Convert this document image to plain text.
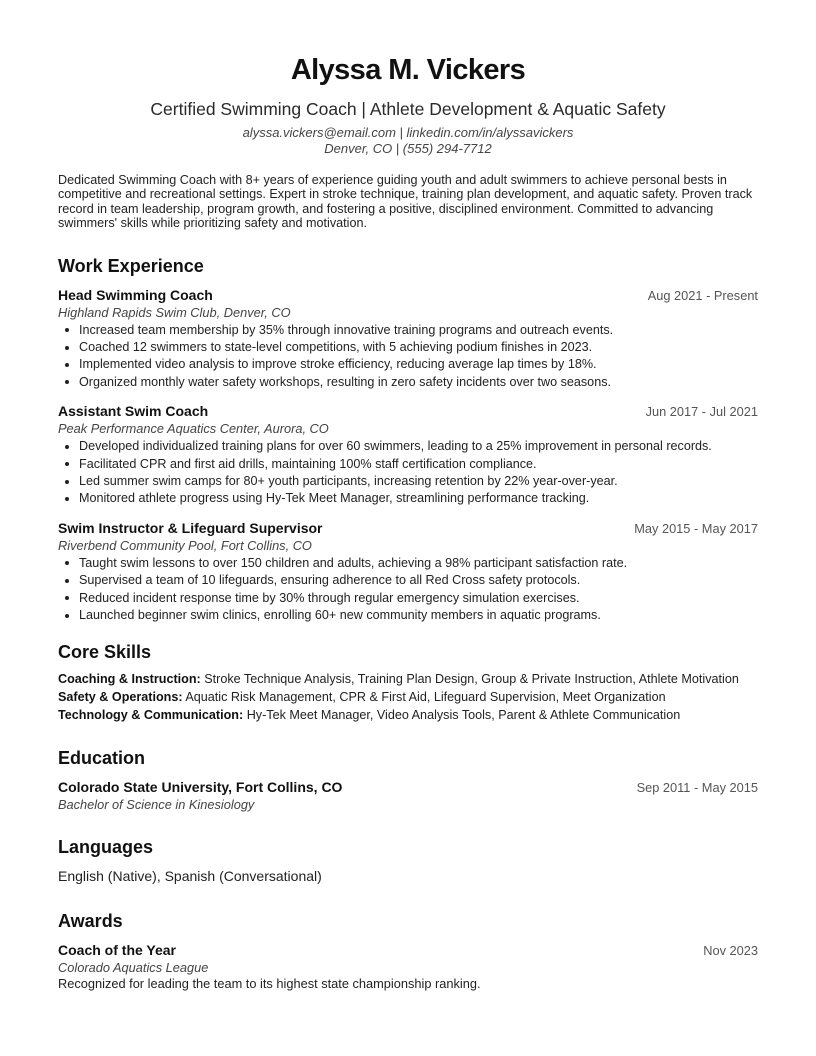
Alyssa M. Vickers
Certified Swimming Coach | Athlete Development & Aquatic Safety
alyssa.vickers@email.com | linkedin.com/in/alyssavickers
Denver, CO | (555) 294-7712

Dedicated Swimming Coach with 8+ years of experience guiding youth and adult swimmers to achieve personal bests in competitive and recreational settings. Expert in stroke technique, training plan development, and aquatic safety. Proven track record in team leadership, program growth, and fostering a positive, disciplined environment. Committed to advancing swimmers' skills while prioritizing safety and motivation.

Work Experience
Head Swimming Coach	Aug 2021 - Present
Highland Rapids Swim Club, Denver, CO
Increased team membership by 35% through innovative training programs and outreach events.
Coached 12 swimmers to state-level competitions, with 5 achieving podium finishes in 2023.
Implemented video analysis to improve stroke efficiency, reducing average lap times by 18%.
Organized monthly water safety workshops, resulting in zero safety incidents over two seasons.
Assistant Swim Coach	Jun 2017 - Jul 2021
Peak Performance Aquatics Center, Aurora, CO
Developed individualized training plans for over 60 swimmers, leading to a 25% improvement in personal records.
Facilitated CPR and first aid drills, maintaining 100% staff certification compliance.
Led summer swim camps for 80+ youth participants, increasing retention by 22% year-over-year.
Monitored athlete progress using Hy-Tek Meet Manager, streamlining performance tracking.
Swim Instructor & Lifeguard Supervisor	May 2015 - May 2017
Riverbend Community Pool, Fort Collins, CO
Taught swim lessons to over 150 children and adults, achieving a 98% participant satisfaction rate.
Supervised a team of 10 lifeguards, ensuring adherence to all Red Cross safety protocols.
Reduced incident response time by 30% through regular emergency simulation exercises.
Launched beginner swim clinics, enrolling 60+ new community members in aquatic programs.
Core Skills
Coaching & Instruction: Stroke Technique Analysis, Training Plan Design, Group & Private Instruction, Athlete Motivation
Safety & Operations: Aquatic Risk Management, CPR & First Aid, Lifeguard Supervision, Meet Organization
Technology & Communication: Hy-Tek Meet Manager, Video Analysis Tools, Parent & Athlete Communication
Education
Colorado State University, Fort Collins, CO	Sep 2011 - May 2015
Bachelor of Science in Kinesiology
Languages
English (Native), Spanish (Conversational)
Awards
Coach of the Year	Nov 2023
Colorado Aquatics League
Recognized for leading the team to its highest state championship ranking.
